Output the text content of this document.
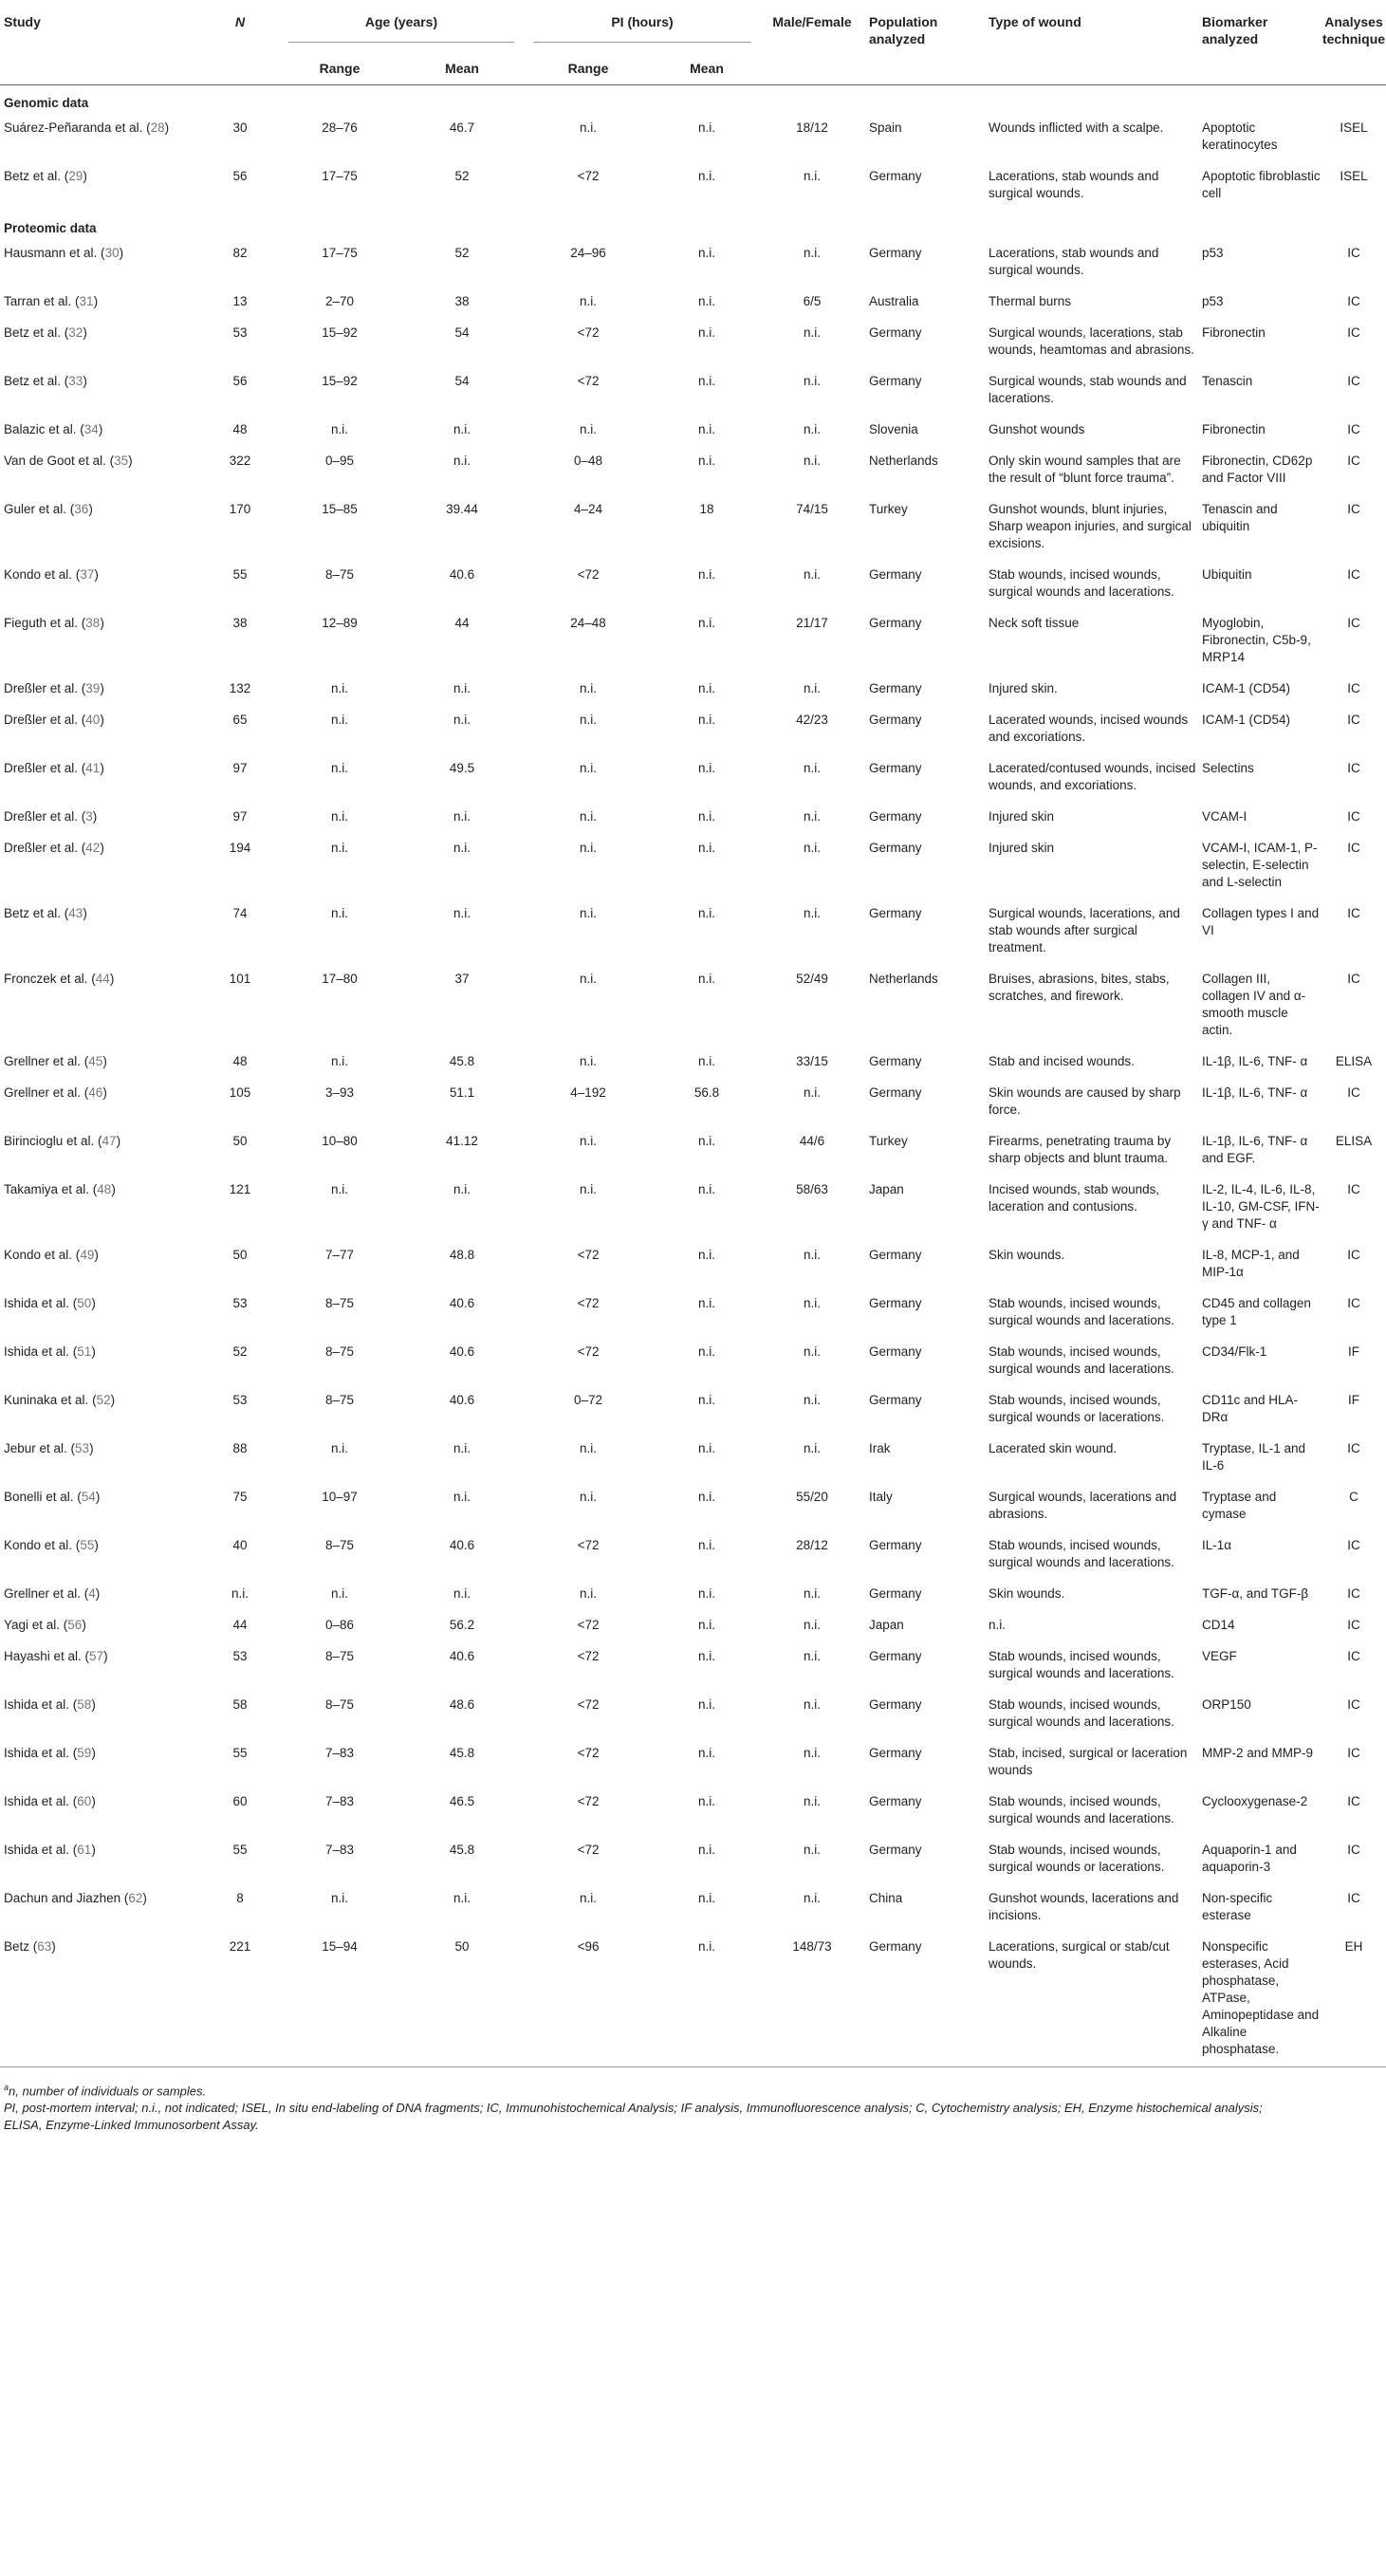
Study	N	Age (years)		PI (hours)		Male/Female	Population analyzed	Type of wound	Biomarker analyzed	Analyses technique
		Range	Mean	Range	Mean					

Genomic data										
Suárez-Peñaranda et al. (28)	30	28–76	46.7	n.i.	n.i.	18/12	Spain	Wounds inflicted with a scalpe.	Apoptotic keratinocytes	ISEL
Betz et al. (29)	56	17–75	52	<72	n.i.	n.i.	Germany	Lacerations, stab wounds and surgical wounds.	Apoptotic fibroblastic cell	ISEL
Proteomic data										
Hausmann et al. (30)	82	17–75	52	24–96	n.i.	n.i.	Germany	Lacerations, stab wounds and surgical wounds.	p53	IC
Tarran et al. (31)	13	2–70	38	n.i.	n.i.	6/5	Australia	Thermal burns	p53	IC
Betz et al. (32)	53	15–92	54	<72	n.i.	n.i.	Germany	Surgical wounds, lacerations, stab wounds, heamtomas and abrasions.	Fibronectin	IC
Betz et al. (33)	56	15–92	54	<72	n.i.	n.i.	Germany	Surgical wounds, stab wounds and lacerations.	Tenascin	IC
Balazic et al. (34)	48	n.i.	n.i.	n.i.	n.i.	n.i.	Slovenia	Gunshot wounds	Fibronectin	IC
Van de Goot et al. (35)	322	0–95	n.i.	0–48	n.i.	n.i.	Netherlands	Only skin wound samples that are the result of “blunt force trauma”.	Fibronectin, CD62p and Factor VIII	IC
Guler et al. (36)	170	15–85	39.44	4–24	18	74/15	Turkey	Gunshot wounds, blunt injuries, Sharp weapon injuries, and surgical excisions.	Tenascin and ubiquitin	IC
Kondo et al. (37)	55	8–75	40.6	<72	n.i.	n.i.	Germany	Stab wounds, incised wounds, surgical wounds and lacerations.	Ubiquitin	IC
Fieguth et al. (38)	38	12–89	44	24–48	n.i.	21/17	Germany	Neck soft tissue	Myoglobin, Fibronectin, C5b-9, MRP14	IC
Dreßler et al. (39)	132	n.i.	n.i.	n.i.	n.i.	n.i.	Germany	Injured skin.	ICAM-1 (CD54)	IC
Dreßler et al. (40)	65	n.i.	n.i.	n.i.	n.i.	42/23	Germany	Lacerated wounds, incised wounds and excoriations.	ICAM-1 (CD54)	IC
Dreßler et al. (41)	97	n.i.	49.5	n.i.	n.i.	n.i.	Germany	Lacerated/contused wounds, incised wounds, and excoriations.	Selectins	IC
Dreßler et al. (3)	97	n.i.	n.i.	n.i.	n.i.	n.i.	Germany	Injured skin	VCAM-I	IC
Dreßler et al. (42)	194	n.i.	n.i.	n.i.	n.i.	n.i.	Germany	Injured skin	VCAM-I, ICAM-1, P-selectin, E-selectin and L-selectin	IC
Betz et al. (43)	74	n.i.	n.i.	n.i.	n.i.	n.i.	Germany	Surgical wounds, lacerations, and stab wounds after surgical treatment.	Collagen types I and VI	IC
Fronczek et al. (44)	101	17–80	37	n.i.	n.i.	52/49	Netherlands	Bruises, abrasions, bites, stabs, scratches, and firework.	Collagen III, collagen IV and α-smooth muscle actin.	IC
Grellner et al. (45)	48	n.i.	45.8	n.i.	n.i.	33/15	Germany	Stab and incised wounds.	IL-1β, IL-6, TNF- α	ELISA
Grellner et al. (46)	105	3–93	51.1	4–192	56.8	n.i.	Germany	Skin wounds are caused by sharp force.	IL-1β, IL-6, TNF- α	IC
Birincioglu et al. (47)	50	10–80	41.12	n.i.	n.i.	44/6	Turkey	Firearms, penetrating trauma by sharp objects and blunt trauma.	IL-1β, IL-6, TNF- α and EGF.	ELISA
Takamiya et al. (48)	121	n.i.	n.i.	n.i.	n.i.	58/63	Japan	Incised wounds, stab wounds, laceration and contusions.	IL-2, IL-4, IL-6, IL-8, IL-10, GM-CSF, IFN-γ and TNF- α	IC
Kondo et al. (49)	50	7–77	48.8	<72	n.i.	n.i.	Germany	Skin wounds.	IL-8, MCP-1, and MIP-1α	IC
Ishida et al. (50)	53	8–75	40.6	<72	n.i.	n.i.	Germany	Stab wounds, incised wounds, surgical wounds and lacerations.	CD45 and collagen type 1	IC
Ishida et al. (51)	52	8–75	40.6	<72	n.i.	n.i.	Germany	Stab wounds, incised wounds, surgical wounds and lacerations.	CD34/Flk-1	IF
Kuninaka et al. (52)	53	8–75	40.6	0–72	n.i.	n.i.	Germany	Stab wounds, incised wounds, surgical wounds or lacerations.	CD11c and HLA-DRα	IF
Jebur et al. (53)	88	n.i.	n.i.	n.i.	n.i.	n.i.	Irak	Lacerated skin wound.	Tryptase, IL-1 and IL-6	IC
Bonelli et al. (54)	75	10–97	n.i.	n.i.	n.i.	55/20	Italy	Surgical wounds, lacerations and abrasions.	Tryptase and cymase	C
Kondo et al. (55)	40	8–75	40.6	<72	n.i.	28/12	Germany	Stab wounds, incised wounds, surgical wounds and lacerations.	IL-1α	IC
Grellner et al. (4)	n.i.	n.i.	n.i.	n.i.	n.i.	n.i.	Germany	Skin wounds.	TGF-α, and TGF-β	IC
Yagi et al. (56)	44	0–86	56.2	<72	n.i.	n.i.	Japan	n.i.	CD14	IC
Hayashi et al. (57)	53	8–75	40.6	<72	n.i.	n.i.	Germany	Stab wounds, incised wounds, surgical wounds and lacerations.	VEGF	IC
Ishida et al. (58)	58	8–75	48.6	<72	n.i.	n.i.	Germany	Stab wounds, incised wounds, surgical wounds and lacerations.	ORP150	IC
Ishida et al. (59)	55	7–83	45.8	<72	n.i.	n.i.	Germany	Stab, incised, surgical or laceration wounds	MMP-2 and MMP-9	IC
Ishida et al. (60)	60	7–83	46.5	<72	n.i.	n.i.	Germany	Stab wounds, incised wounds, surgical wounds and lacerations.	Cyclooxygenase-2	IC
Ishida et al. (61)	55	7–83	45.8	<72	n.i.	n.i.	Germany	Stab wounds, incised wounds, surgical wounds or lacerations.	Aquaporin-1 and aquaporin-3	IC
Dachun and Jiazhen (62)	8	n.i.	n.i.	n.i.	n.i.	n.i.	China	Gunshot wounds, lacerations and incisions.	Non-specific esterase	IC
Betz (63)	221	15–94	50	<96	n.i.	148/73	Germany	Lacerations, surgical or stab/cut wounds.	Nonspecific esterases, Acid phosphatase, ATPase, Aminopeptidase and Alkaline phosphatase.	EH
$^a$n, number of individuals or samples.
PI, post-mortem interval; n.i., not indicated; ISEL, In situ end-labeling of DNA fragments; IC, Immunohistochemical Analysis; IF analysis, Immunofluorescence analysis; C, Cytochemistry analysis; EH, Enzyme histochemical analysis;
ELISA, Enzyme-Linked Immunosorbent Assay.
